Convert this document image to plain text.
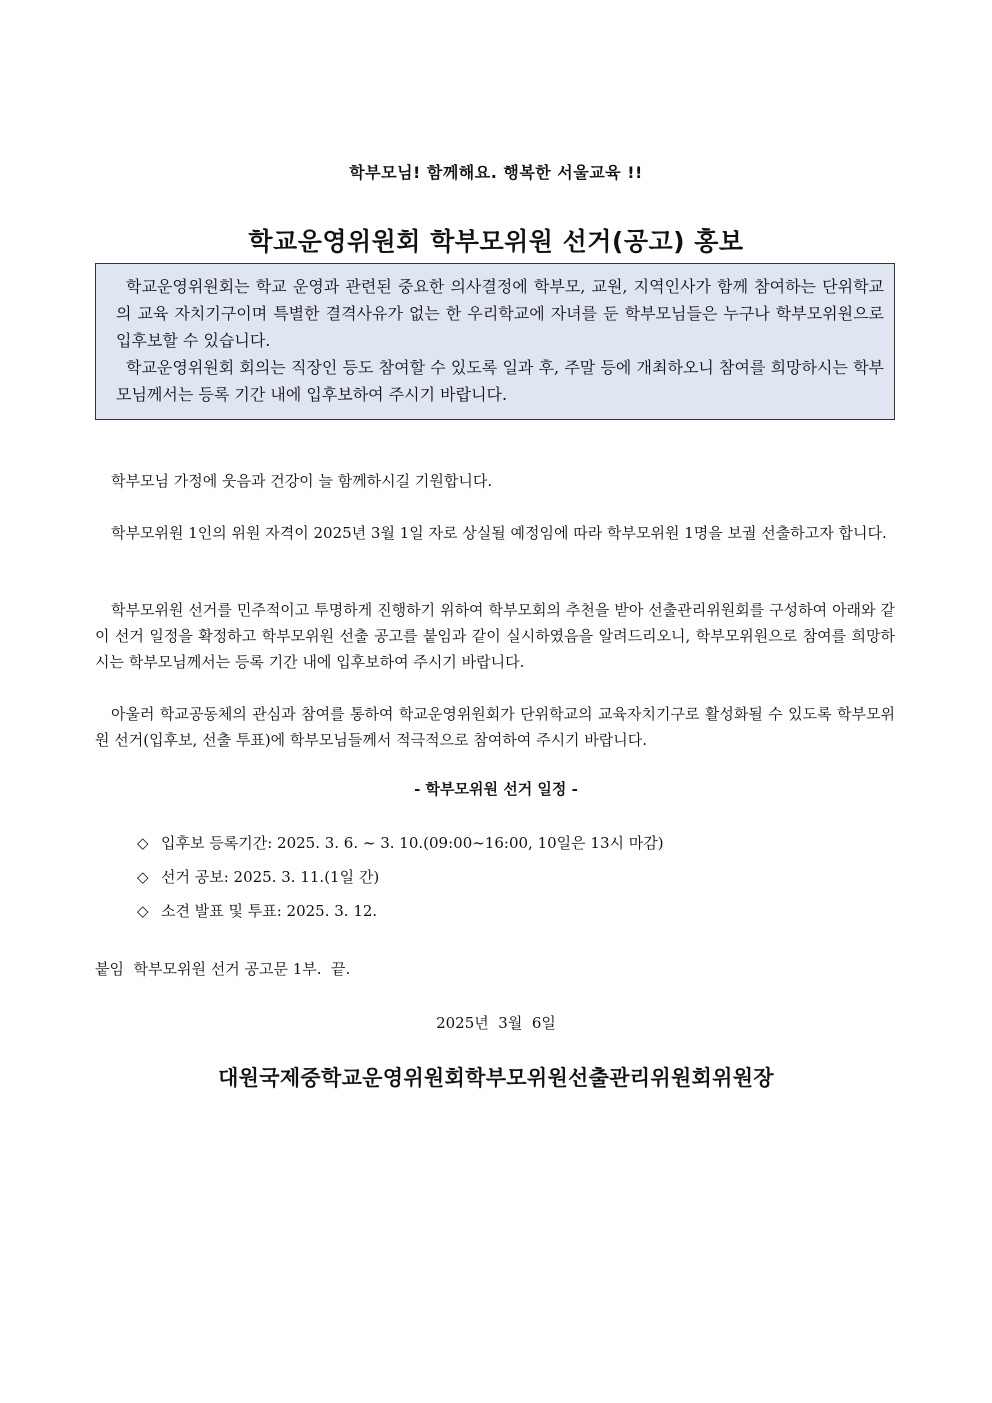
학부모님! 함께해요. 행복한 서울교육 !!
학교운영위원회 학부모위원 선거(공고) 홍보

학교운영위원회는 학교 운영과 관련된 중요한 의사결정에 학부모, 교원, 지역인사가 함께 참여하는 단위학교의 교육 자치기구이며 특별한 결격사유가 없는 한 우리학교에 자녀를 둔 학부모님들은 누구나 학부모위원으로 입후보할 수 있습니다.

학교운영위원회 회의는 직장인 등도 참여할 수 있도록 일과 후, 주말 등에 개최하오니 참여를 희망하시는 학부모님께서는 등록 기간 내에 입후보하여 주시기 바랍니다.

학부모님 가정에 웃음과 건강이 늘 함께하시길 기원합니다.

학부모위원 1인의 위원 자격이 2025년 3월 1일 자로 상실될 예정임에 따라 학부모위원 1명을 보궐 선출하고자 합니다.

학부모위원 선거를 민주적이고 투명하게 진행하기 위하여 학부모회의 추천을 받아 선출관리위원회를 구성하여 아래와 같이 선거 일정을 확정하고 학부모위원 선출 공고를 붙임과 같이 실시하였음을 알려드리오니, 학부모위원으로 참여를 희망하시는 학부모님께서는 등록 기간 내에 입후보하여 주시기 바랍니다.

아울러 학교공동체의 관심과 참여를 통하여 학교운영위원회가 단위학교의 교육자치기구로 활성화될 수 있도록 학부모위원 선거(입후보, 선출 투표)에 학부모님들께서 적극적으로 참여하여 주시기 바랍니다.

- 학부모위원 선거 일정 -
◇ 입후보 등록기간: 2025. 3. 6. ~ 3. 10.(09:00~16:00, 10일은 13시 마감)
◇ 선거 공보: 2025. 3. 11.(1일 간)
◇ 소견 발표 및 투표: 2025. 3. 12.
붙임  학부모위원 선거 공고문 1부.  끝.
2025년  3월  6일
대원국제중학교운영위원회학부모위원선출관리위원회위원장
